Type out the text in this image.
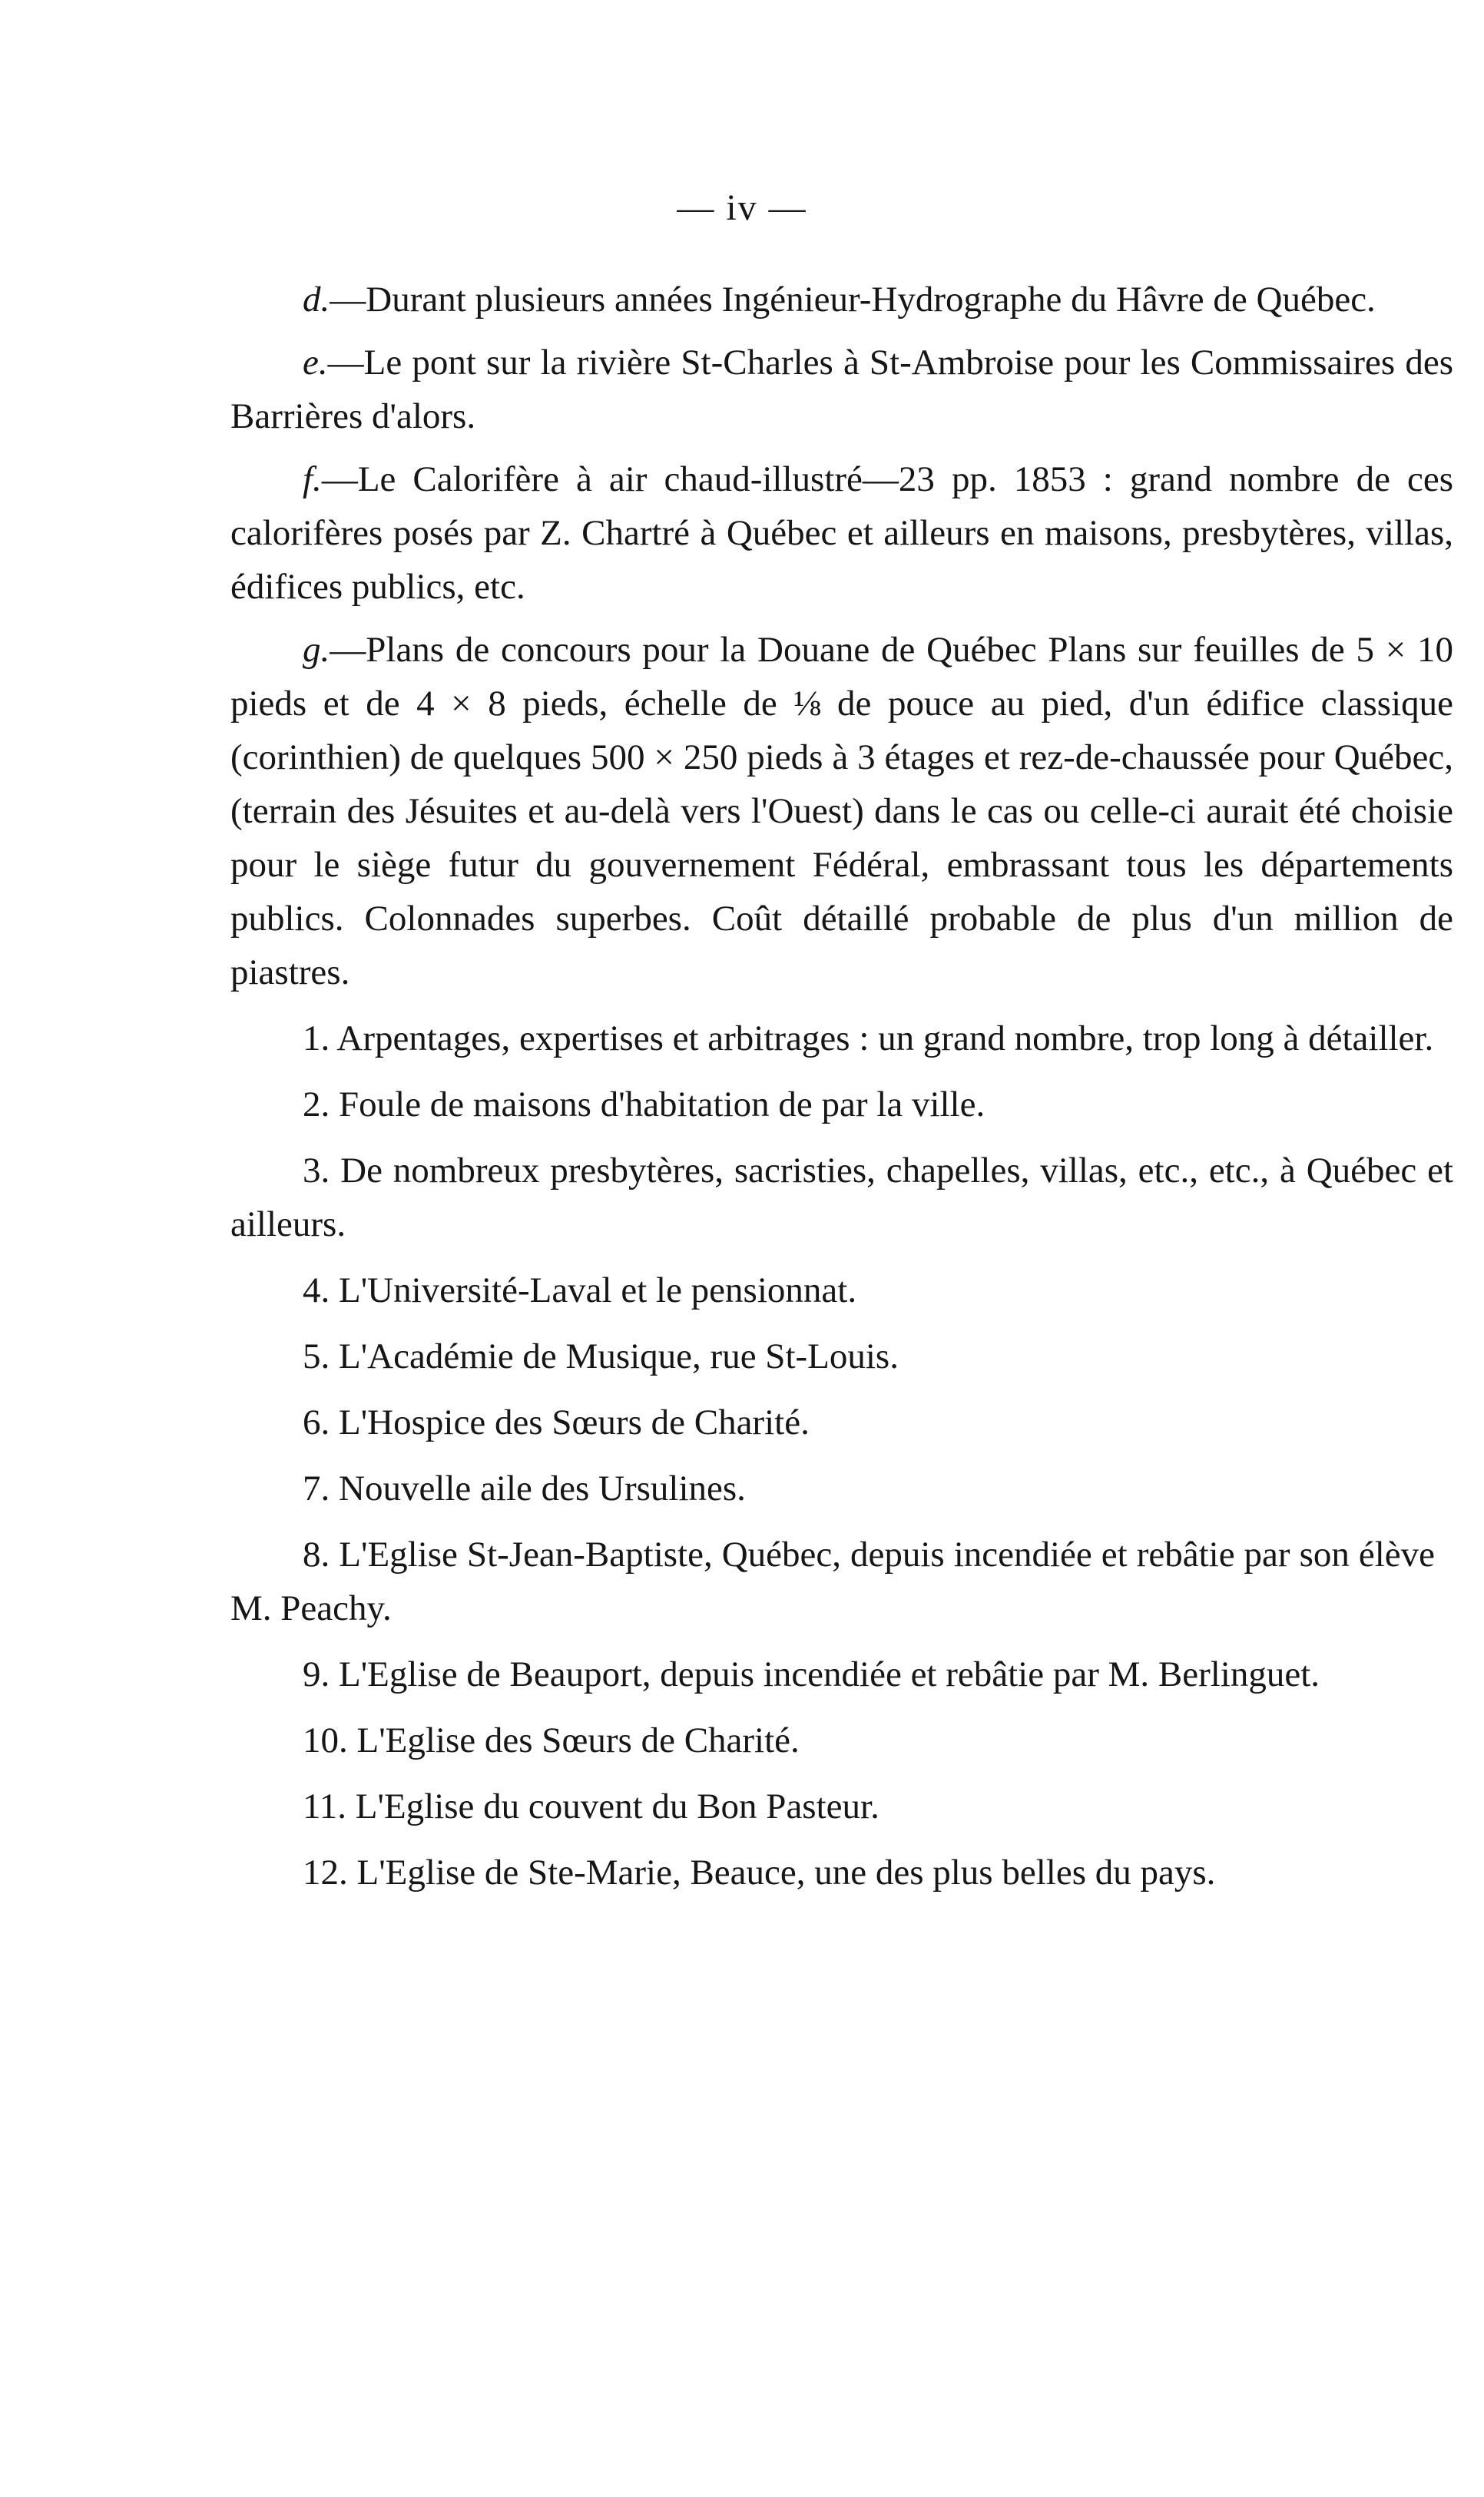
— iv —

d.—Durant plusieurs années Ingénieur-Hydrographe du Hâvre de Québec.

e.—Le pont sur la rivière St-Charles à St-Ambroise pour les Commissaires des Barrières d'alors.

f.—Le Calorifère à air chaud-illustré—23 pp. 1853 : grand nombre de ces calorifères posés par Z. Chartré à Québec et ailleurs en maisons, presbytères, villas, édifices publics, etc.

g.—Plans de concours pour la Douane de Québec Plans sur feuilles de 5 × 10 pieds et de 4 × 8 pieds, échelle de ⅛ de pouce au pied, d'un édifice classique (corinthien) de quelques 500 × 250 pieds à 3 étages et rez-de-chaussée pour Québec, (terrain des Jésuites et au-delà vers l'Ouest) dans le cas ou celle-ci aurait été choisie pour le siège futur du gouvernement Fédéral, embrassant tous les départements publics. Colonnades superbes. Coût détaillé probable de plus d'un million de piastres.

1. Arpentages, expertises et arbitrages : un grand nombre, trop long à détailler.

2. Foule de maisons d'habitation de par la ville.

3. De nombreux presbytères, sacristies, chapelles, villas, etc., etc., à Québec et ailleurs.

4. L'Université-Laval et le pensionnat.

5. L'Académie de Musique, rue St-Louis.

6. L'Hospice des Sœurs de Charité.

7. Nouvelle aile des Ursulines.

8. L'Eglise St-Jean-Baptiste, Québec, depuis incendiée et rebâtie par son élève M. Peachy.

9. L'Eglise de Beauport, depuis incendiée et rebâtie par M. Berlinguet.

10. L'Eglise des Sœurs de Charité.

11. L'Eglise du couvent du Bon Pasteur.

12. L'Eglise de Ste-Marie, Beauce, une des plus belles du pays.
